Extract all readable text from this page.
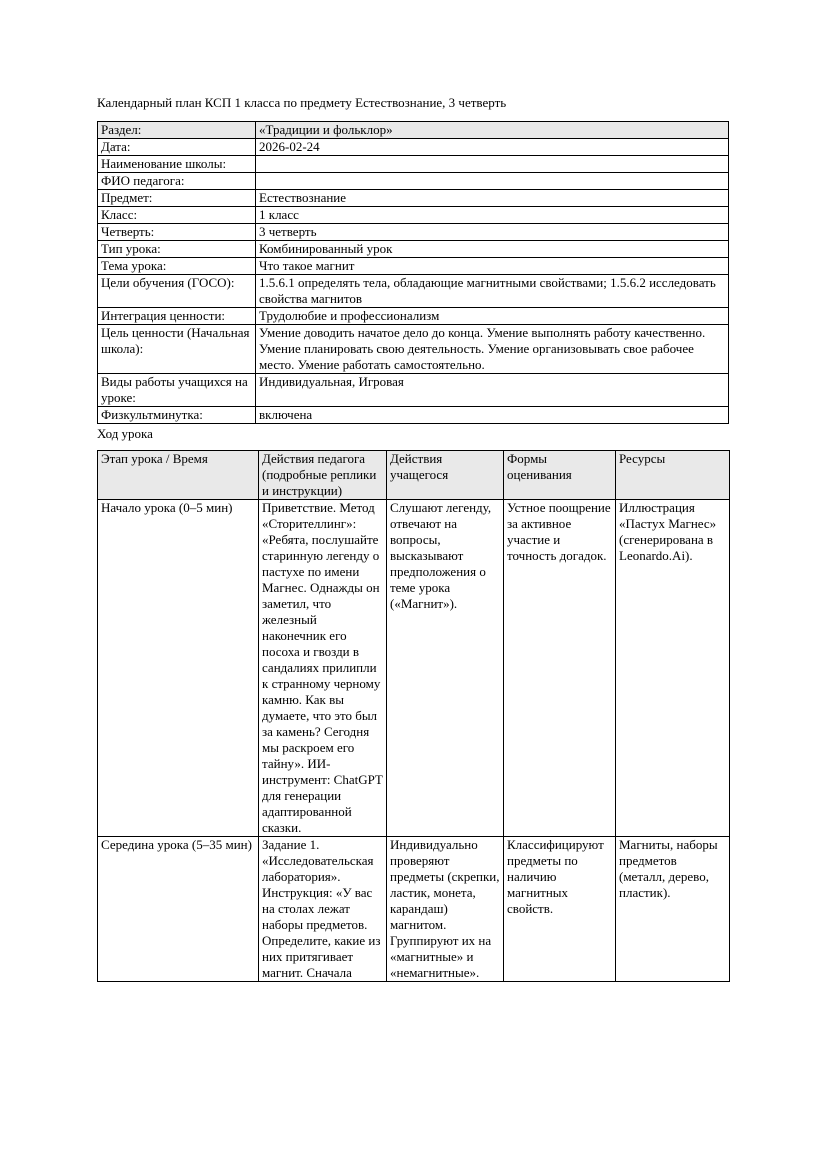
Календарный план КСП 1 класса по предмету Естествознание, 3 четверть

Раздел:	«Традиции и фольклор»
Дата:	2026-02-24
Наименование школы:	
ФИО педагога:	
Предмет:	Естествознание
Класс:	1 класс
Четверть:	3 четверть
Тип урока:	Комбинированный урок
Тема урока:	Что такое магнит
Цели обучения (ГОСО):	1.5.6.1 определять тела, обладающие магнитными свойствами; 1.5.6.2 исследовать свойства магнитов
Интеграция ценности:	Трудолюбие и профессионализм
Цель ценности (Начальная школа):	Умение доводить начатое дело до конца. Умение выполнять работу качественно. Умение планировать свою деятельность. Умение организовывать свое рабочее место. Умение работать самостоятельно.
Виды работы учащихся на уроке:	Индивидуальная, Игровая
Физкультминутка:	включена

Ход урока

Этап урока / Время	Действия педагога (подробные реплики и инструкции)	Действия учащегося	Формы оценивания	Ресурсы
Начало урока (0–5 мин)	Приветствие. Метод «Сторителлинг»: «Ребята, послушайте старинную легенду о пастухе по имени Магнес. Однажды он заметил, что железный наконечник его посоха и гвозди в сандалиях прилипли к странному черному камню. Как вы думаете, что это был за камень? Сегодня мы раскроем его тайну». ИИ-инструмент: ChatGPT для генерации адаптированной сказки.	Слушают легенду, отвечают на вопросы, высказывают предположения о теме урока («Магнит»).	Устное поощрение за активное участие и точность догадок.	Иллюстрация «Пастух Магнес» (сгенерирована в Leonardo.Ai).
Середина урока (5–35 мин)	Задание 1. «Исследовательская лаборатория». Инструкция: «У вас на столах лежат наборы предметов. Определите, какие из них притягивает магнит. Сначала	Индивидуально проверяют предметы (скрепки, ластик, монета, карандаш) магнитом. Группируют их на «магнитные» и «немагнитные».	Классифицируют предметы по наличию магнитных свойств.	Магниты, наборы предметов (металл, дерево, пластик).
